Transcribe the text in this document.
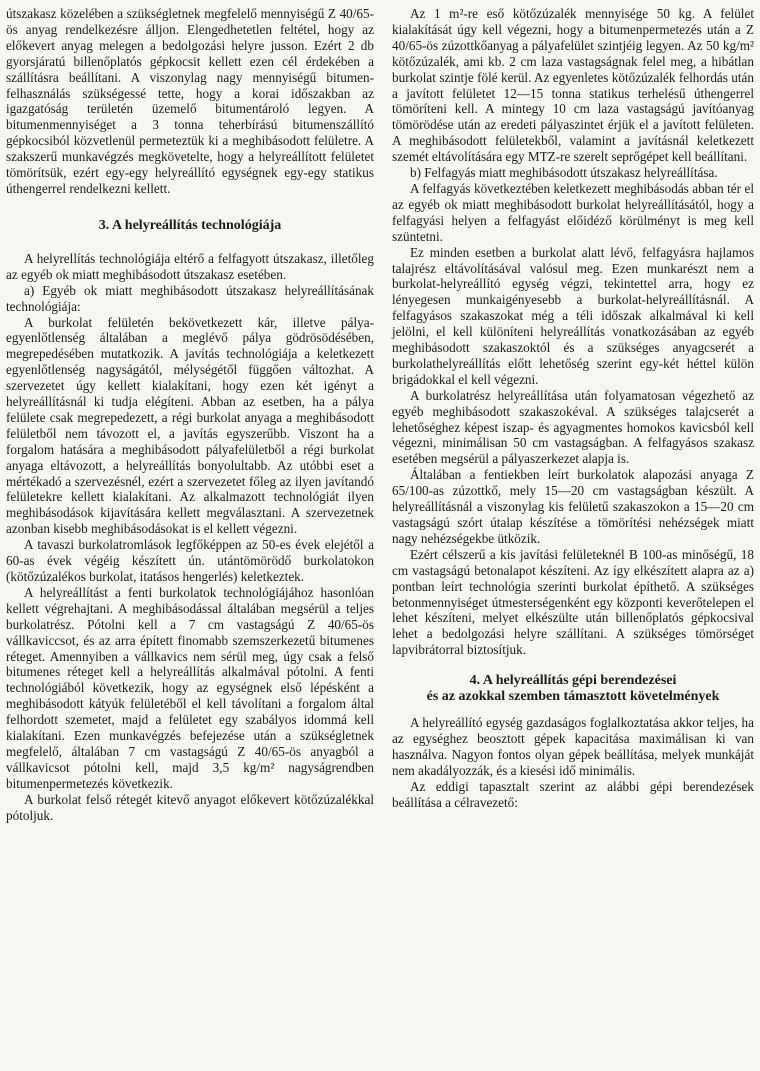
útszakasz közelében a szükségletnek megfelelő mennyiségű Z 40/65-ös anyag rendelkezésre álljon. Elengedhetetlen feltétel, hogy az előkevert anyag melegen a bedolgozási helyre jusson. Ezért 2 db gyorsjáratú billenőplatós gépkocsit kellett ezen cél érdekében a szállításra beállítani. A viszonylag nagy mennyiségű bitumen-felhasználás szükségessé tette, hogy a korai időszakban az igazgatóság területén üzemelő bitumentároló legyen. A bitumenmennyiséget a 3 tonna teherbírású bitumenszállító gépkocsiból közvetlenül permeteztük ki a meghibásodott felületre. A szakszerű munkavégzés megkövetelte, hogy a helyreállított felületet tömörítsük, ezért egy-egy helyreállító egységnek egy-egy statikus úthengerrel rendelkezni kellett.

3. A helyreállítás technológiája

A helyrellítás technológiája eltérő a felfagyott útszakasz, illetőleg az egyéb ok miatt meghibásodott útszakasz esetében.

a) Egyéb ok miatt meghibásodott útszakasz helyreállításának technológiája:

A burkolat felületén bekövetkezett kár, illetve pálya-egyenlőtlenség általában a meglévő pálya gödrösödésében, megrepedésében mutatkozik. A javítás technológiája a keletkezett egyenlőtlenség nagyságától, mélységétől függően változhat. A szervezetet úgy kellett kialakítani, hogy ezen két igényt a helyreállításnál ki tudja elégíteni. Abban az esetben, ha a pálya felülete csak megrepedezett, a régi burkolat anyaga a meghibásodott felületből nem távozott el, a javítás egyszerűbb. Viszont ha a forgalom hatására a meghibásodott pályafelületből a régi burkolat anyaga eltávozott, a helyreállítás bonyolultabb. Az utóbbi eset a mértékadó a szervezésnél, ezért a szervezetet főleg az ilyen javítandó felületekre kellett kialakítani. Az alkalmazott technológiát ilyen meghibásodások kijavítására kellett megválasztani. A szervezetnek azonban kisebb meghibásodásokat is el kellett végezni.

A tavaszi burkolatromlások legfőképpen az 50-es évek elejétől a 60-as évek végéig készített ún. utántömörödő burkolatokon (kötőzúzalékos burkolat, itatásos hengerlés) keletkeztek.

A helyreállítást a fenti burkolatok technológiájához hasonlóan kellett végrehajtani. A meghibásodással általában megsérül a teljes burkolatrész. Pótolni kell a 7 cm vastagságú Z 40/65-ös vállkaviccsot, és az arra épített finomabb szemszerkezetű bitumenes réteget. Amennyiben a vállkavics nem sérül meg, úgy csak a felső bitumenes réteget kell a helyreállítás alkalmával pótolni. A fenti technológiából következik, hogy az egységnek első lépésként a meghibásodott kátyúk felületéből el kell távolítani a forgalom által felhordott szemetet, majd a felületet egy szabályos idommá kell kialakítani. Ezen munkavégzés befejezése után a szükségletnek megfelelő, általában 7 cm vastagságú Z 40/65-ös anyagból a vállkavicsot pótolni kell, majd 3,5 kg/m² nagyságrendben bitumenpermetezés következik.

A burkolat felső rétegét kitevő anyagot előkevert kötőzúzalékkal pótoljuk.

Az 1 m²-re eső kötőzúzalék mennyisége 50 kg. A felület kialakítását úgy kell végezni, hogy a bitumenpermetezés után a Z 40/65-ös zúzottkőanyag a pályafelület szintjéig legyen. Az 50 kg/m² kötőzúzalék, ami kb. 2 cm laza vastagságnak felel meg, a hibátlan burkolat szintje fölé kerül. Az egyenletes kötőzúzalék felhordás után a javított felületet 12—15 tonna statikus terhelésű úthengerrel tömöríteni kell. A mintegy 10 cm laza vastagságú javítóanyag tömörödése után az eredeti pályaszintet érjük el a javított felületen. A meghibásodott felületekből, valamint a javításnál keletkezett szemét eltávolítására egy MTZ-re szerelt seprőgépet kell beállítani.

b) Felfagyás miatt meghibásodott útszakasz helyreállítása.

A felfagyás következtében keletkezett meghibásodás abban tér el az egyéb ok miatt meghibásodott burkolat helyreállításától, hogy a felfagyási helyen a felfagyást előidéző körülményt is meg kell szüntetni.

Ez minden esetben a burkolat alatt lévő, felfagyásra hajlamos talajrész eltávolításával valósul meg. Ezen munkarészt nem a burkolat-helyreállító egység végzi, tekintettel arra, hogy ez lényegesen munkaigényesebb a burkolat-helyreállításnál. A felfagyásos szakaszokat még a téli időszak alkalmával ki kell jelölni, el kell különíteni helyreállítás vonatkozásában az egyéb meghibásodott szakaszoktól és a szükséges anyagcserét a burkolathelyreállítás előtt lehetőség szerint egy-két héttel külön brigádokkal el kell végezni.

A burkolatrész helyreállítása után folyamatosan végezhető az egyéb meghibásodott szakaszokéval. A szükséges talajcserét a lehetőséghez képest iszap- és agyagmentes homokos kavicsból kell végezni, minimálisan 50 cm vastagságban. A felfagyásos szakasz esetében megsérül a pályaszerkezet alapja is.

Általában a fentiekben leírt burkolatok alapozási anyaga Z 65/100-as zúzottkő, mely 15—20 cm vastagságban készült. A helyreállításnál a viszonylag kis felületű szakaszokon a 15—20 cm vastagságú szórt útalap készítése a tömörítési nehézségek miatt nagy nehézségekbe ütközik.

Ezért célszerű a kis javítási felületeknél B 100-as minőségű, 18 cm vastagságú betonalapot készíteni. Az így elkészített alapra az a) pontban leírt technológia szerinti burkolat építhető. A szükséges betonmennyiséget útmesterségenként egy központi keverőtelepen el lehet készíteni, melyet elkészülte után billenőplatós gépkocsival lehet a bedolgozási helyre szállítani. A szükséges tömörséget lapvibrátorral biztosítjuk.

4. A helyreállítás gépi berendezései
és az azokkal szemben támasztott követelmények

A helyreállító egység gazdaságos foglalkoztatása akkor teljes, ha az egységhez beosztott gépek kapacitása maximálisan ki van használva. Nagyon fontos olyan gépek beállítása, melyek munkáját nem akadályozzák, és a kiesési idő minimális.

Az eddigi tapasztalt szerint az alábbi gépi berendezések beállítása a célravezető:
